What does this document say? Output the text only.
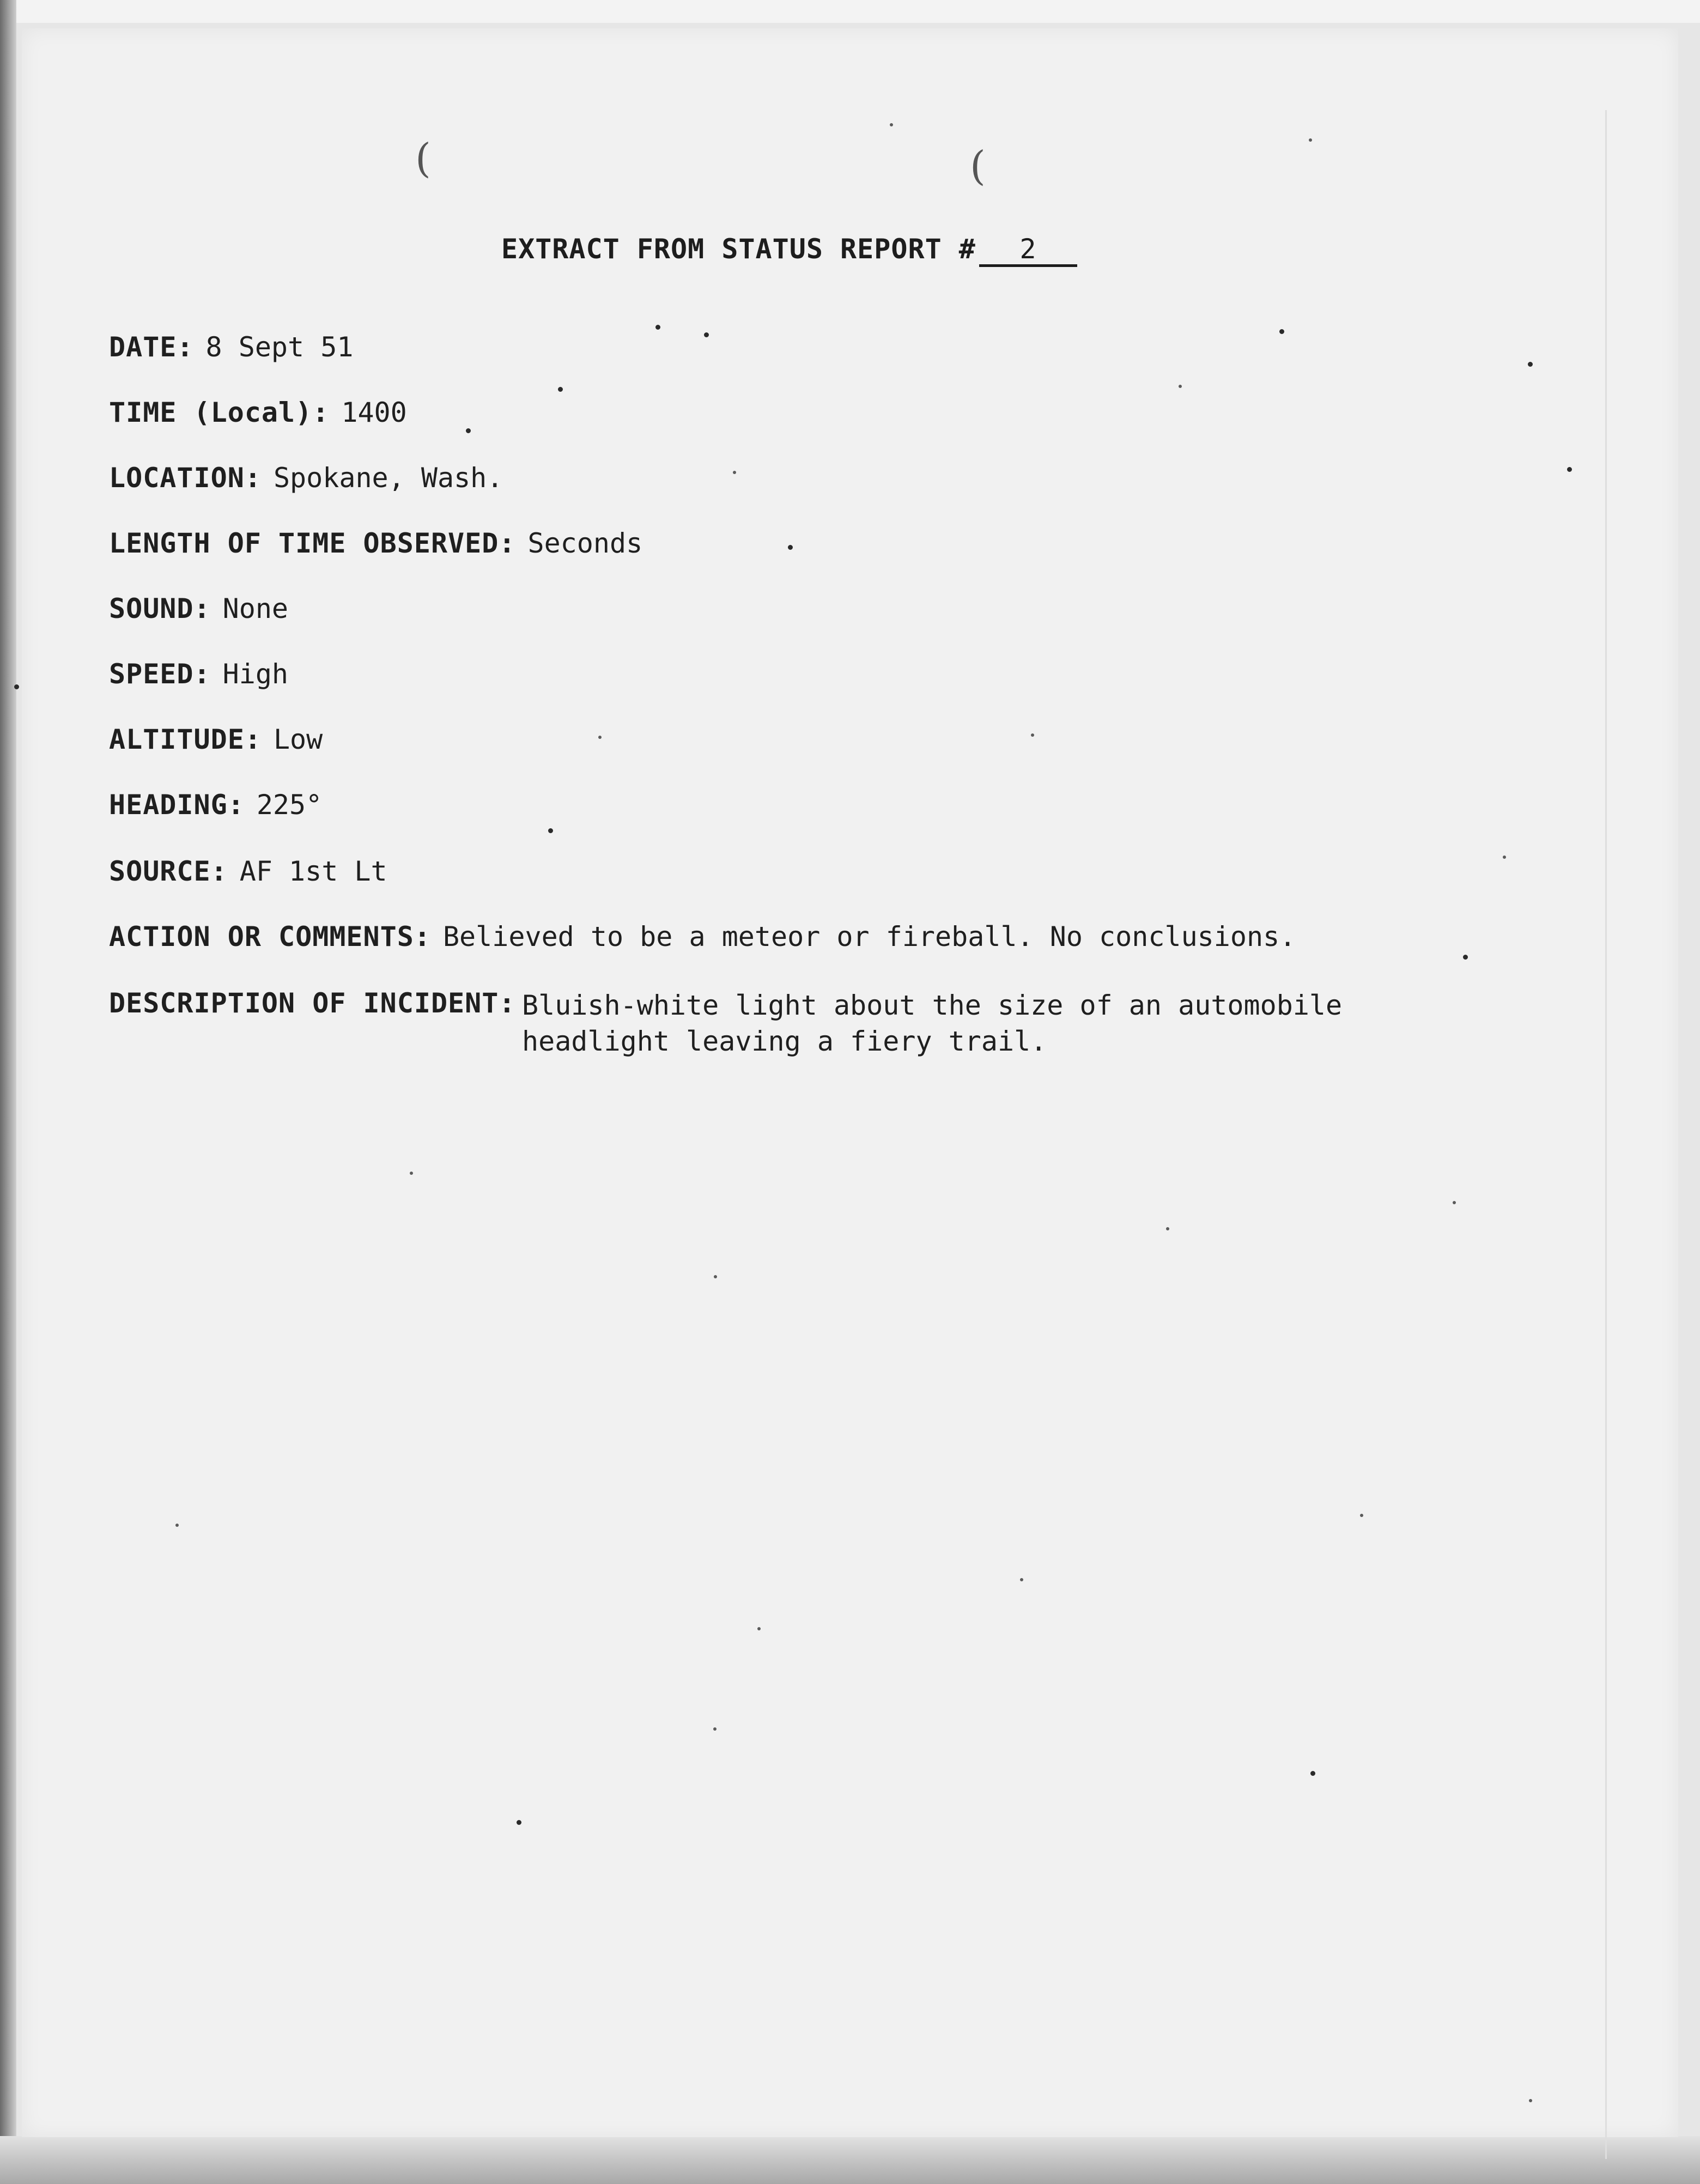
(	(
EXTRACT FROM STATUS REPORT # 2
DATE: 8 Sept 51
TIME (Local): 1400
LOCATION: Spokane, Wash.
LENGTH OF TIME OBSERVED: Seconds
SOUND: None
SPEED: High
ALTITUDE: Low
HEADING: 225°
SOURCE: AF 1st Lt
ACTION OR COMMENTS: Believed to be a meteor or fireball. No conclusions.
DESCRIPTION OF INCIDENT: Bluish-white light about the size of an automobile headlight leaving a fiery trail.
